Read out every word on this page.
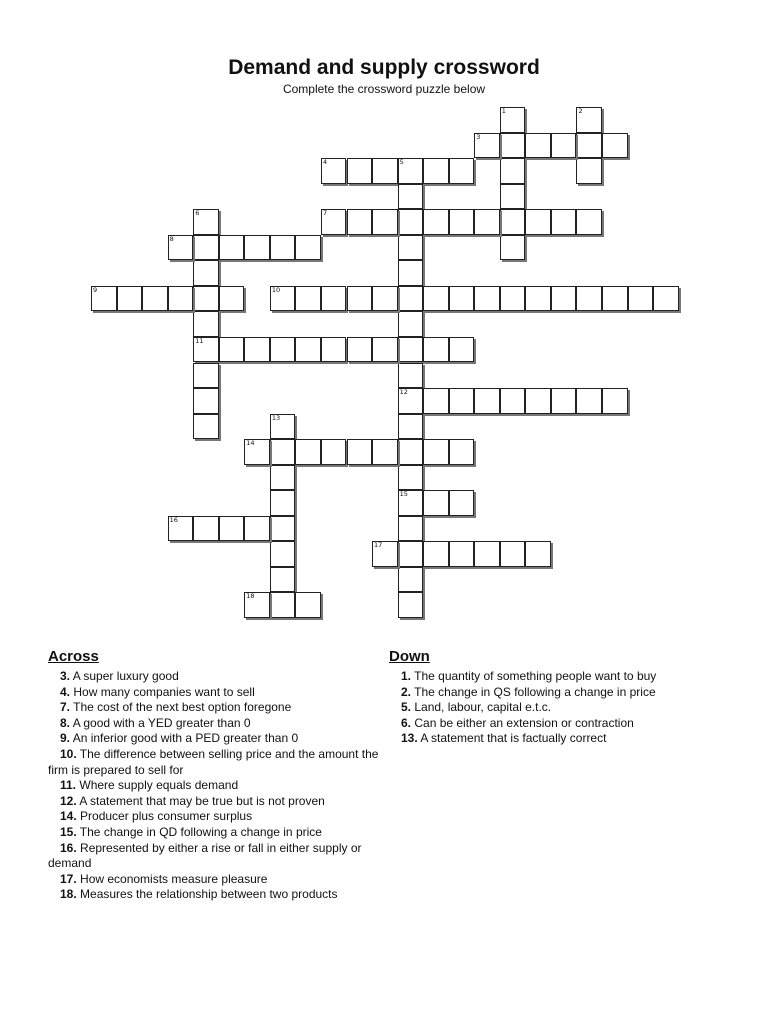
Demand and supply crossword
Complete the crossword puzzle below
1	2
3
4	5
12
15
6
11
7
8
9	10
13
14
16
17
18
Across
3. A super luxury good
4. How many companies want to sell
7. The cost of the next best option foregone
8. A good with a YED greater than 0
9. An inferior good with a PED greater than 0
10. The difference between selling price and the amount the firm is prepared to sell for
11. Where supply equals demand
12. A statement that may be true but is not proven
14. Producer plus consumer surplus
15. The change in QD following a change in price
16. Represented by either a rise or fall in either supply or demand
17. How economists measure pleasure
18. Measures the relationship between two products
Down
1. The quantity of something people want to buy
2. The change in QS following a change in price
5. Land, labour, capital e.t.c.
6. Can be either an extension or contraction
13. A statement that is factually correct
